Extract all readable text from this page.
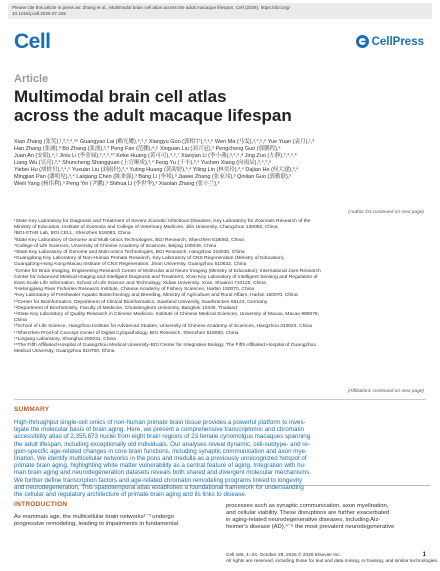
Please cite this article in press as: Zhang et al., Multimodal brain cell atlas across the adult macaque lifespan, Cell (2026), https://doi.org/
10.1016/j.cell.2026.07.345
Cell	CellPress
Article
Multimodal brain cell atlas
across the adult macaque lifespan
Xiao Zhang (张笑),¹,²,³,⁴,⁵⁶ Guangyao Lai (赖光耀),⁴,⁵,⁶ Xiangyu Guo (郭相宇),³,⁴,⁶ Wen Ma (马雯),³,⁴,⁵,⁶ Yue Yuan (袁月),¹,³
Han Zhang (张涵),³ Bo Zhang (张波),²,³ Peng Fan (范鹏),⁴,⁵ Xinguan Liu (刘兴冠),³ Pengcheng Guo (郭鹏程),³
Juan An (安娟),⁴,⁵ Jinlu Li (李金禄),³,⁴,⁵,¹⁰ Keke Huang (黄可可),⁴,⁵,⁷ Xiaoyan Li (李小燕),³,⁴,⁵,⁸ Jing Zuo (左静),³,⁴,⁵,⁶
Liang Wu (吴亮),³,⁴ Shuncheng Shangguan (上官顺成),³,⁴ Feng Yu (于丰),³,⁴ Yuchen Xiang (向雨辰),³,⁴,⁵,⁶
Yiebei Hu (胡轶贝),³,⁴,⁵ Yuxuan Liu (刘雨轩),³,⁴ Yuting Huang (黄韵婷),³,⁴ Yiling Lin (林奕玲),³,⁴ Dajian He (何大建),³,⁴
Mingjian Pan (潘明见),³,⁴ Laiqiang Chen (陈来强),³ Bang Li (李邦),³ Jiawei Zhang (张家玮),³ Qinlian Guo (郭勤联),³
Weili Yang (杨伟利),³ Peng Yin (尹鹏),³ Shihua Li (李世华),³ Xiaolan Zhang (张小兰),³
(Author list continued on next page)
¹State Key Laboratory for Diagnosis and Treatment of Severe Zoonotic Infectious Diseases, Key Laboratory for Zoonosis Research of the
Ministry of Education, Institute of Zoonosis and College of Veterinary Medicine, Jilin University, Changchun 130062, China
²BGI-STAR Lab, BGI CELL, Shenzhen 518083, China
³State Key Laboratory of Genome and Multi-omics Technologies, BGI Research, Shenzhen 518083, China
⁴College of Life Sciences, University of Chinese Academy of Sciences, Beijing 100049, China
⁵State Key Laboratory of Genome and Multi-omics Technologies, BGI Research, Hangzhou 310030, China
⁶Guangdong Key Laboratory of Non-Human Primate Research, Key Laboratory of CNS Regeneration (Ministry of Education),
Guangdong-Hong Kong-Macau Institute of CNS Regeneration, Jinan University, Guangzhou 510632, China
⁷Center for Brain Imaging, Engineering Research Center of Molecular and Neuro Imaging (Ministry of Education), International Joint Research
Center for Advanced Medical Imaging and Intelligent Diagnosis and Treatment, Xi'an Key Laboratory of Intelligent Sensing and Regulation of
trans-Scale Life Information, School of Life Science and Technology, Xidian University, Xi'an, Shaanxi 710126, China
⁸Heilongjiang River Fisheries Research Institute, Chinese Academy of Fishery Sciences, Harbin 150070, China
⁹Key Laboratory of Freshwater Aquatic Biotechnology and Breeding, Ministry of Agriculture and Rural Affairs, Harbin 150070, China
¹⁰Center for Bioinformatics, Department of Clinical Bioinformatics, Saarland University, Saarbrücken 66123, Germany
¹¹Department of Biochemistry, Faculty of Medicine, Chulalongkorn University, Bangkok 10330, Thailand
¹²State Key Laboratory of Quality Research in Chinese Medicine, Institute of Chinese Medical Sciences, University of Macau, Macao 999078,
China
¹³School of Life Science, Hangzhou Institute for Advanced Studies, University of Chinese Academy of Sciences, Hangzhou 310024, China
¹⁴Shenzhen Proof-of-Concept Center of Digital Cytopathology, BGI Research, Shenzhen 518083, China
¹⁵Lingang Laboratory, Shanghai 200031, China
¹⁶The Fifth Affiliated Hospital of Guangzhou Medical University-BGI Center for Integrative Biology, The Fifth Affiliated Hospital of Guangzhou
Medical University, Guangzhou 510700, China
(Affiliations continued on next page)
SUMMARY
High-throughput single-cell omics of non-human primate brain tissue provides a powerful platform to inves-
tigate the molecular basis of brain aging. Here, we present a comprehensive transcriptomic and chromatin
accessibility atlas of 2,355,873 nuclei from eight brain regions of 23 female cynomolgus macaques spanning
the adult lifespan, including exceptionally old individuals. Our analyses reveal dynamic, cell-subtype- and re-
gion-specific age-related changes in core brain functions, including synaptic communication and axon mye-
lination. We identify multicellular networks in the pons and medulla as a previously unrecognized hotspot of
primate brain aging, highlighting white matter vulnerability as a central feature of aging. Integration with hu-
man brain aging and neurodegeneration datasets reveals both shared and divergent molecular mechanisms.
We further define transcription factors and age-related chromatin remodeling programs linked to longevity
and neurodegeneration. This spatiotemporal atlas establishes a foundational framework for understanding
the cellular and regulatory architecture of primate brain aging and its links to disease.
INTRODUCTION
As mammals age, the multicellular brain networks¹⁻³ undergo
progressive remodeling, leading to impairments in fundamental
processes such as synaptic communication, axon myelination,
and cellular viability. These disruptions are further exacerbated
in aging-related neurodegenerative diseases, including Alz-
heimer's disease (AD),⁴⁻⁶ the most prevalent neurodegenerative
Cell 189, 1–24, October 29, 2026 © 2026 Elsevier Inc.
All rights are reserved, including those for text and data mining, AI training, and similar technologies.
1
